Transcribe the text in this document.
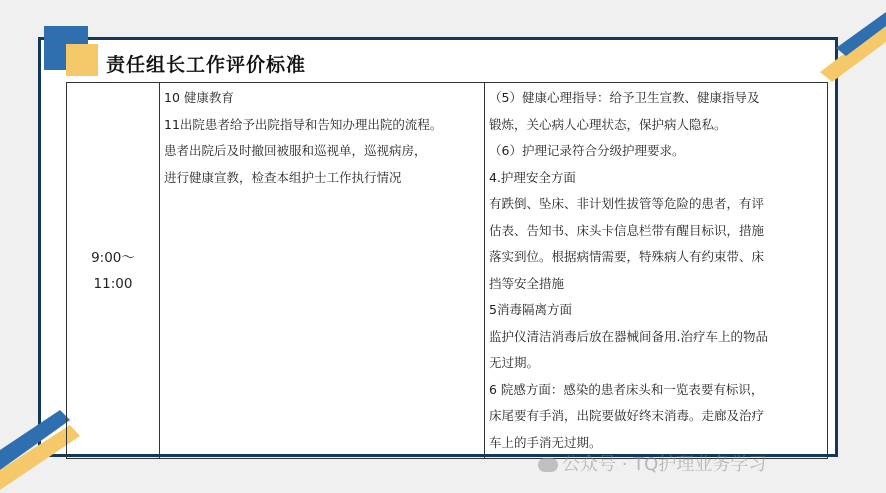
责任组长工作评价标准
9:00～
11:00

10 健康教育
11出院患者给予出院指导和告知办理出院的流程。
患者出院后及时撤回被服和巡视单，巡视病房，
进行健康宣教，检查本组护士工作执行情况

（5）健康心理指导：给予卫生宣教、健康指导及
锻炼，关心病人心理状态，保护病人隐私。
（6）护理记录符合分级护理要求。
4.护理安全方面
有跌倒、坠床、非计划性拔管等危险的患者，有评
估表、告知书、床头卡信息栏带有醒目标识，措施
落实到位。根据病情需要，特殊病人有约束带、床
挡等安全措施
5消毒隔离方面
监护仪清洁消毒后放在器械间备用.治疗车上的物品
无过期。
6 院感方面：感染的患者床头和一览表要有标识，
床尾要有手消，出院要做好终末消毒。走廊及治疗
车上的手消无过期。
公众号 · TQ护理业务学习
